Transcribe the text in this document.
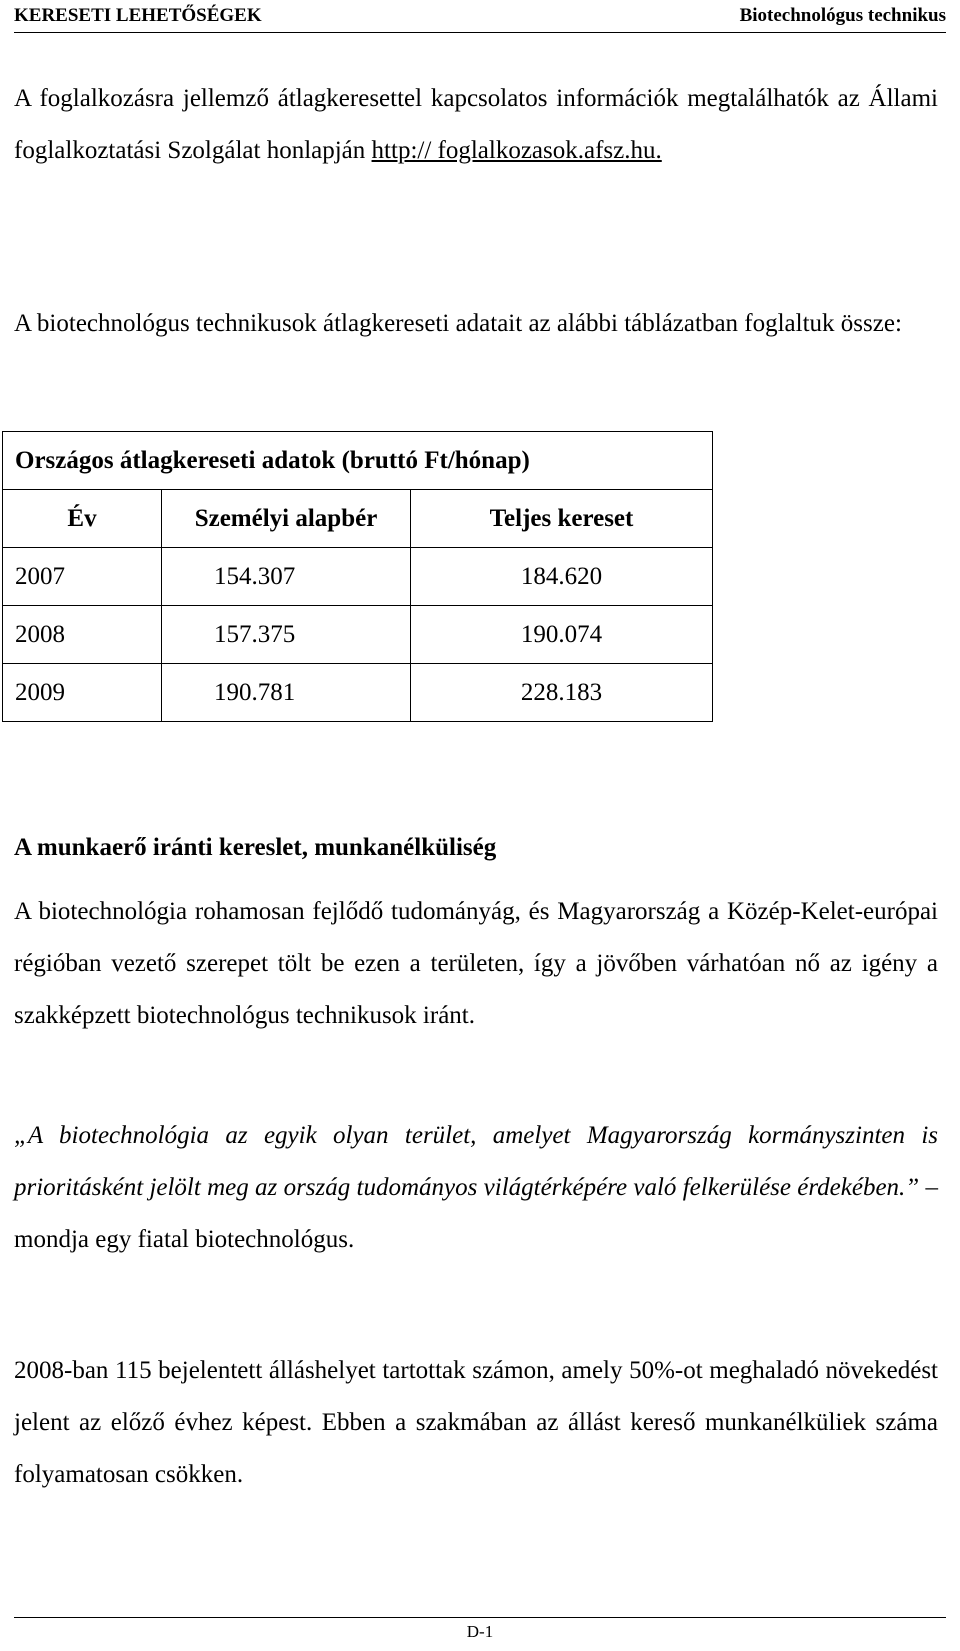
KERESETI LEHETŐSÉGEK	Biotechnológus technikus

A foglalkozásra jellemző átlagkeresettel kapcsolatos információk megtalálhatók az Állami foglalkoztatási Szolgálat honlapján http:// foglalkozasok.afsz.hu.

A biotechnológus technikusok átlagkereseti adatait az alábbi táblázatban foglaltuk össze:

Országos átlagkereseti adatok (bruttó Ft/hónap)		
Év	Személyi alapbér	Teljes kereset
2007	154.307	184.620
2008	157.375	190.074
2009	190.781	228.183
A munkaerő iránti kereslet, munkanélküliség

A biotechnológia rohamosan fejlődő tudományág, és Magyarország a Közép-Kelet-európai régióban vezető szerepet tölt be ezen a területen, így a jövőben várhatóan nő az igény a szakképzett biotechnológus technikusok iránt.

„A biotechnológia az egyik olyan terület, amelyet Magyarország kormányszinten is prioritásként jelölt meg az ország tudományos világtérképére való felkerülése érdekében.” – mondja egy fiatal biotechnológus.

2008-ban 115 bejelentett álláshelyet tartottak számon, amely 50%-ot meghaladó növekedést jelent az előző évhez képest. Ebben a szakmában az állást kereső munkanélküliek száma folyamatosan csökken.

D-1
